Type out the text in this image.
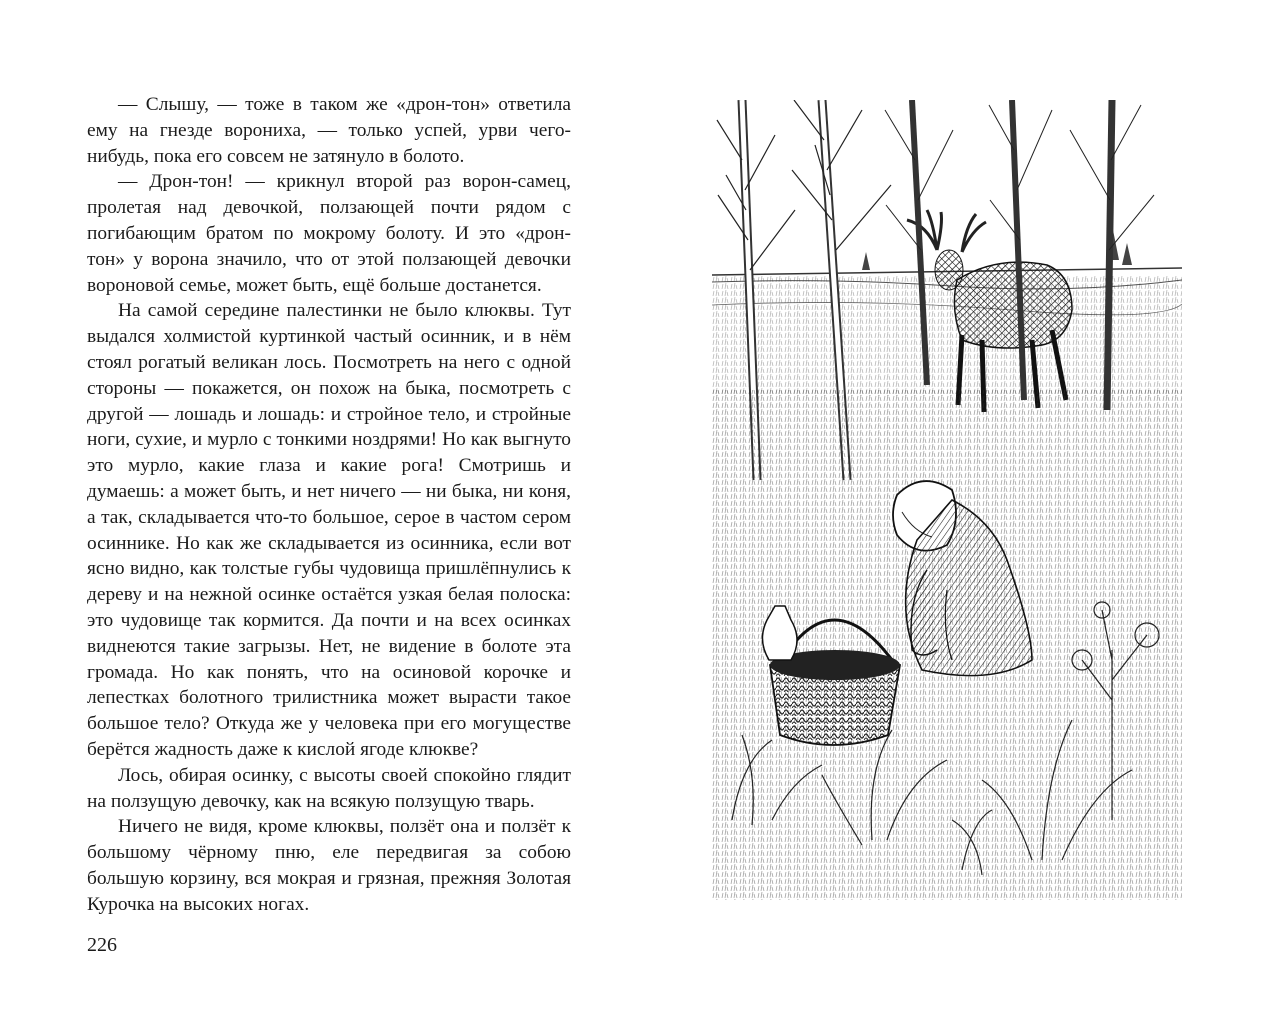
— Слышу, — тоже в таком же «дрон-тон» ответила ему на гнезде ворониха, — только успей, урви чего-нибудь, пока его совсем не затянуло в болото.

— Дрон-тон! — крикнул второй раз ворон-самец, пролетая над девочкой, ползающей почти рядом с погибающим братом по мокрому болоту. И это «дрон-тон» у ворона значило, что от этой ползающей девочки вороновой семье, может быть, ещё больше достанется.

На самой середине палестинки не было клюквы. Тут выдался холмистой куртинкой частый осинник, и в нём стоял рогатый великан лось. Посмотреть на него с одной стороны — покажется, он похож на быка, посмотреть с другой — лошадь и лошадь: и стройное тело, и стройные ноги, сухие, и мурло с тонкими ноздрями! Но как выгнуто это мурло, какие глаза и какие рога! Смотришь и думаешь: а может быть, и нет ничего — ни быка, ни коня, а так, складывается что-то большое, серое в частом сером осиннике. Но как же складывается из осинника, если вот ясно видно, как толстые губы чудовища пришлёпнулись к дереву и на нежной осинке остаётся узкая белая полоска: это чудовище так кормится. Да почти и на всех осинках виднеются такие загрызы. Нет, не видение в болоте эта громада. Но как понять, что на осиновой корочке и лепестках болотного трилистника может вырасти такое большое тело? Откуда же у человека при его могуществе берётся жадность даже к кислой ягоде клюкве?

Лось, обирая осинку, с высоты своей спокойно глядит на ползущую девочку, как на всякую ползущую тварь.

Ничего не видя, кроме клюквы, ползёт она и ползёт к большому чёрному пню, еле передвигая за собою большую корзину, вся мокрая и грязная, прежняя Золотая Курочка на высоких ногах.

226
